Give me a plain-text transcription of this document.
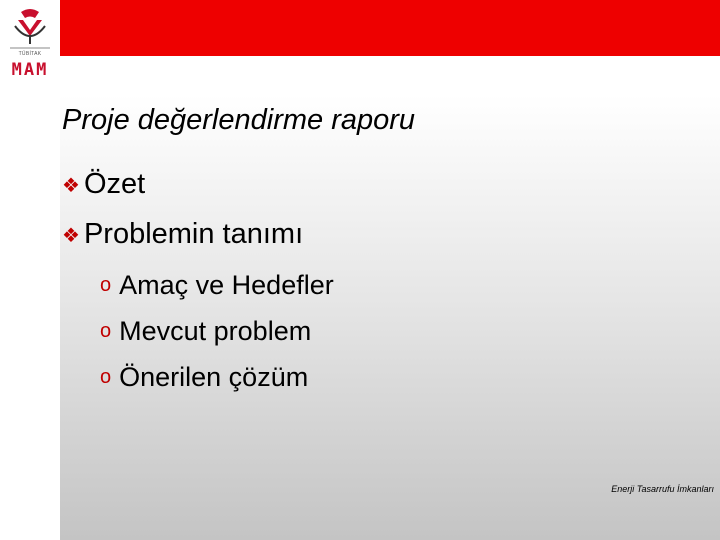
TÜBİTAK
MAM
Proje değerlendirme raporu
❖ Özet
❖ Problemin tanımı
o Amaç ve Hedefler
o Mevcut problem
o Önerilen çözüm
Enerji Tasarrufu İmkanları
